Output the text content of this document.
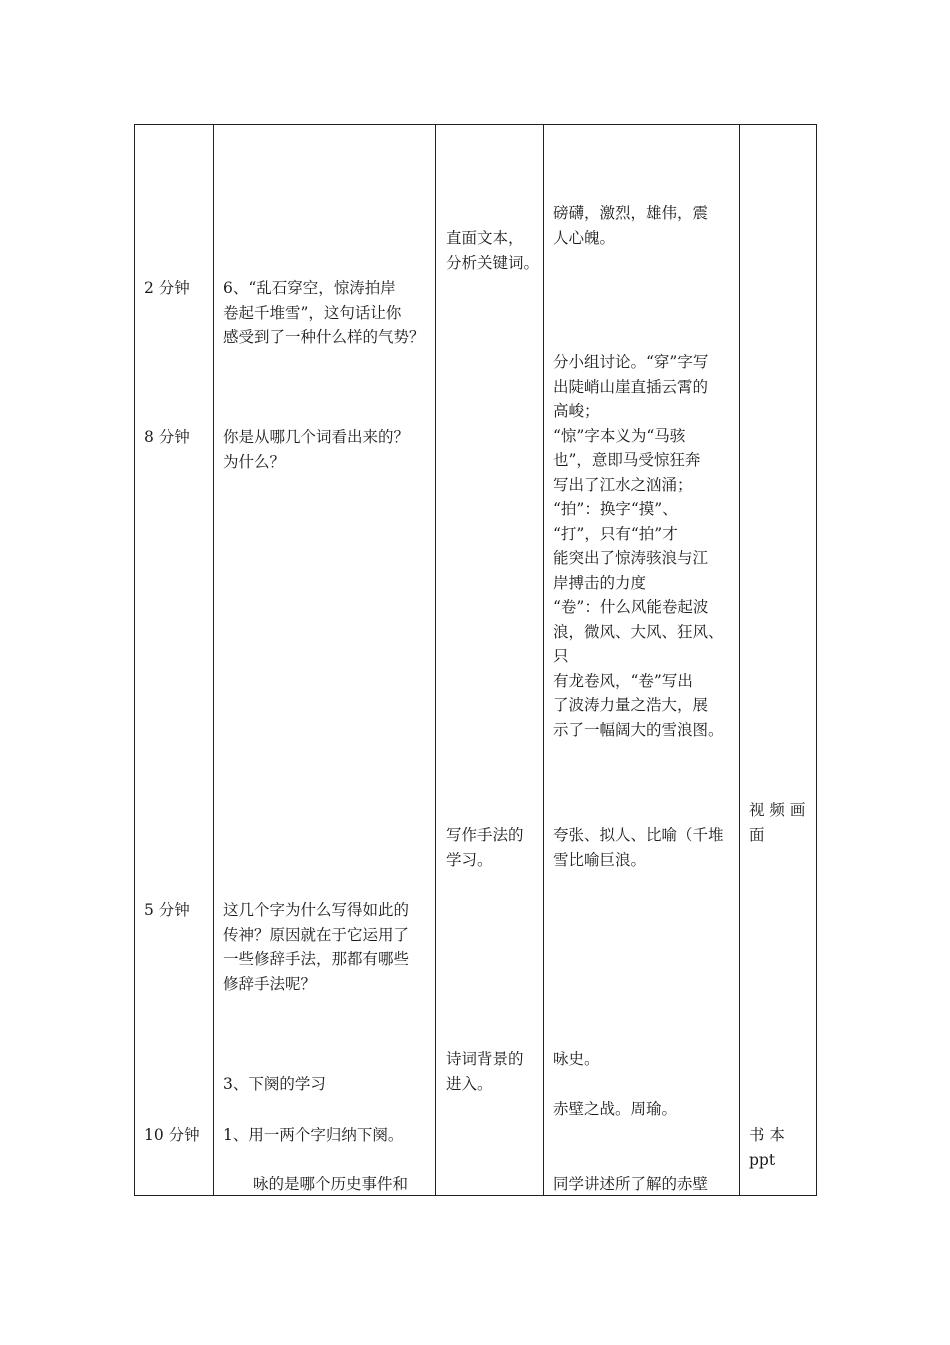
2 分钟
8 分钟
5 分钟
10 分钟
6、“乱石穿空，惊涛拍岸
卷起千堆雪”，这句话让你
感受到了一种什么样的气势？
你是从哪几个词看出来的？
为什么？
这几个字为什么写得如此的
传神？原因就在于它运用了
一些修辞手法，那都有哪些
修辞手法呢？
3、下阕的学习
1、用一两个字归纳下阕。
咏的是哪个历史事件和
直面文本，
分析关键词。
写作手法的
学习。
诗词背景的
进入。
磅礴，激烈，雄伟，震
人心魄。
分小组讨论。“穿”字写
出陡峭山崖直插云霄的
高峻；
“惊”字本义为“马骇
也”，意即马受惊狂奔
写出了江水之汹涌；
“拍”：换字“摸”、
“打”，只有“拍”才
能突出了惊涛骇浪与江
岸搏击的力度
“卷”：什么风能卷起波
浪，微风、大风、狂风、只
有龙卷风，“卷”写出
了波涛力量之浩大，展
示了一幅阔大的雪浪图。
夸张、拟人、比喻（千堆
雪比喻巨浪。
咏史。
赤壁之战。周瑜。
同学讲述所了解的赤壁
视 频 画
面
书 本
ppt
